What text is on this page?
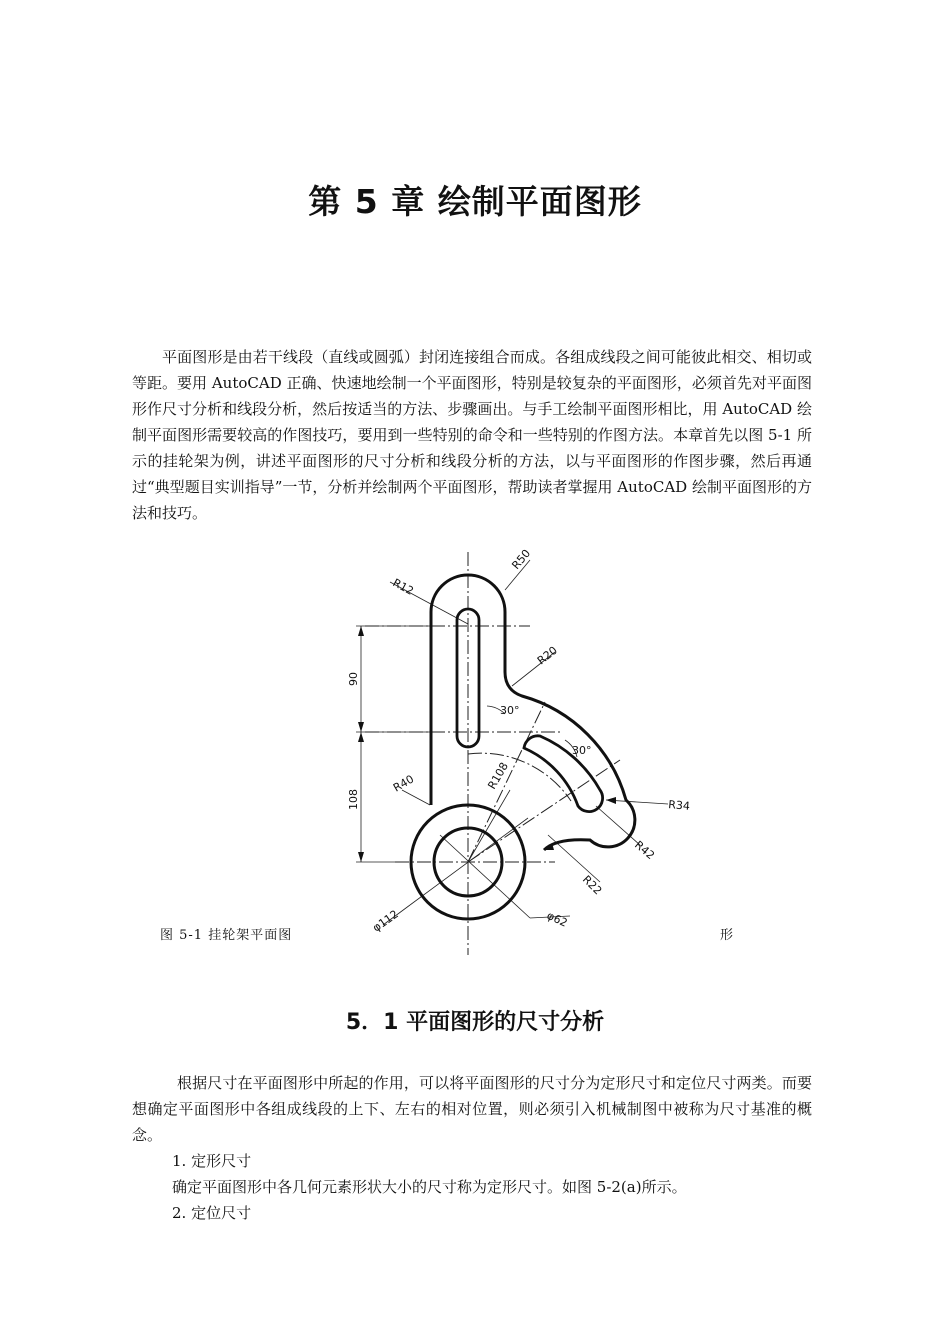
第 5 章 绘制平面图形

平面图形是由若干线段（直线或圆弧）封闭连接组合而成。各组成线段之间可能彼此相交、相切或等距。要用 AutoCAD 正确、快速地绘制一个平面图形，特别是较复杂的平面图形，必须首先对平面图形作尺寸分析和线段分析，然后按适当的方法、步骤画出。与手工绘制平面图形相比，用 AutoCAD 绘制平面图形需要较高的作图技巧，要用到一些特别的命令和一些特别的作图方法。本章首先以图 5-1 所示的挂轮架为例，讲述平面图形的尺寸分析和线段分析的方法，以与平面图形的作图步骤，然后再通过“典型题目实训指导”一节，分析并绘制两个平面图形，帮助读者掌握用 AutoCAD 绘制平面图形的方法和技巧。

R50
R12
R20
90
30°
30°
R108
108
R40
R34
R42
R22
φ112	φ62
图 5-1 挂轮架平面图	形
5．1 平面图形的尺寸分析

根据尺寸在平面图形中所起的作用，可以将平面图形的尺寸分为定形尺寸和定位尺寸两类。而要想确定平面图形中各组成线段的上下、左右的相对位置，则必须引入机械制图中被称为尺寸基准的概念。

1. 定形尺寸

确定平面图形中各几何元素形状大小的尺寸称为定形尺寸。如图 5-2(a)所示。

2. 定位尺寸
